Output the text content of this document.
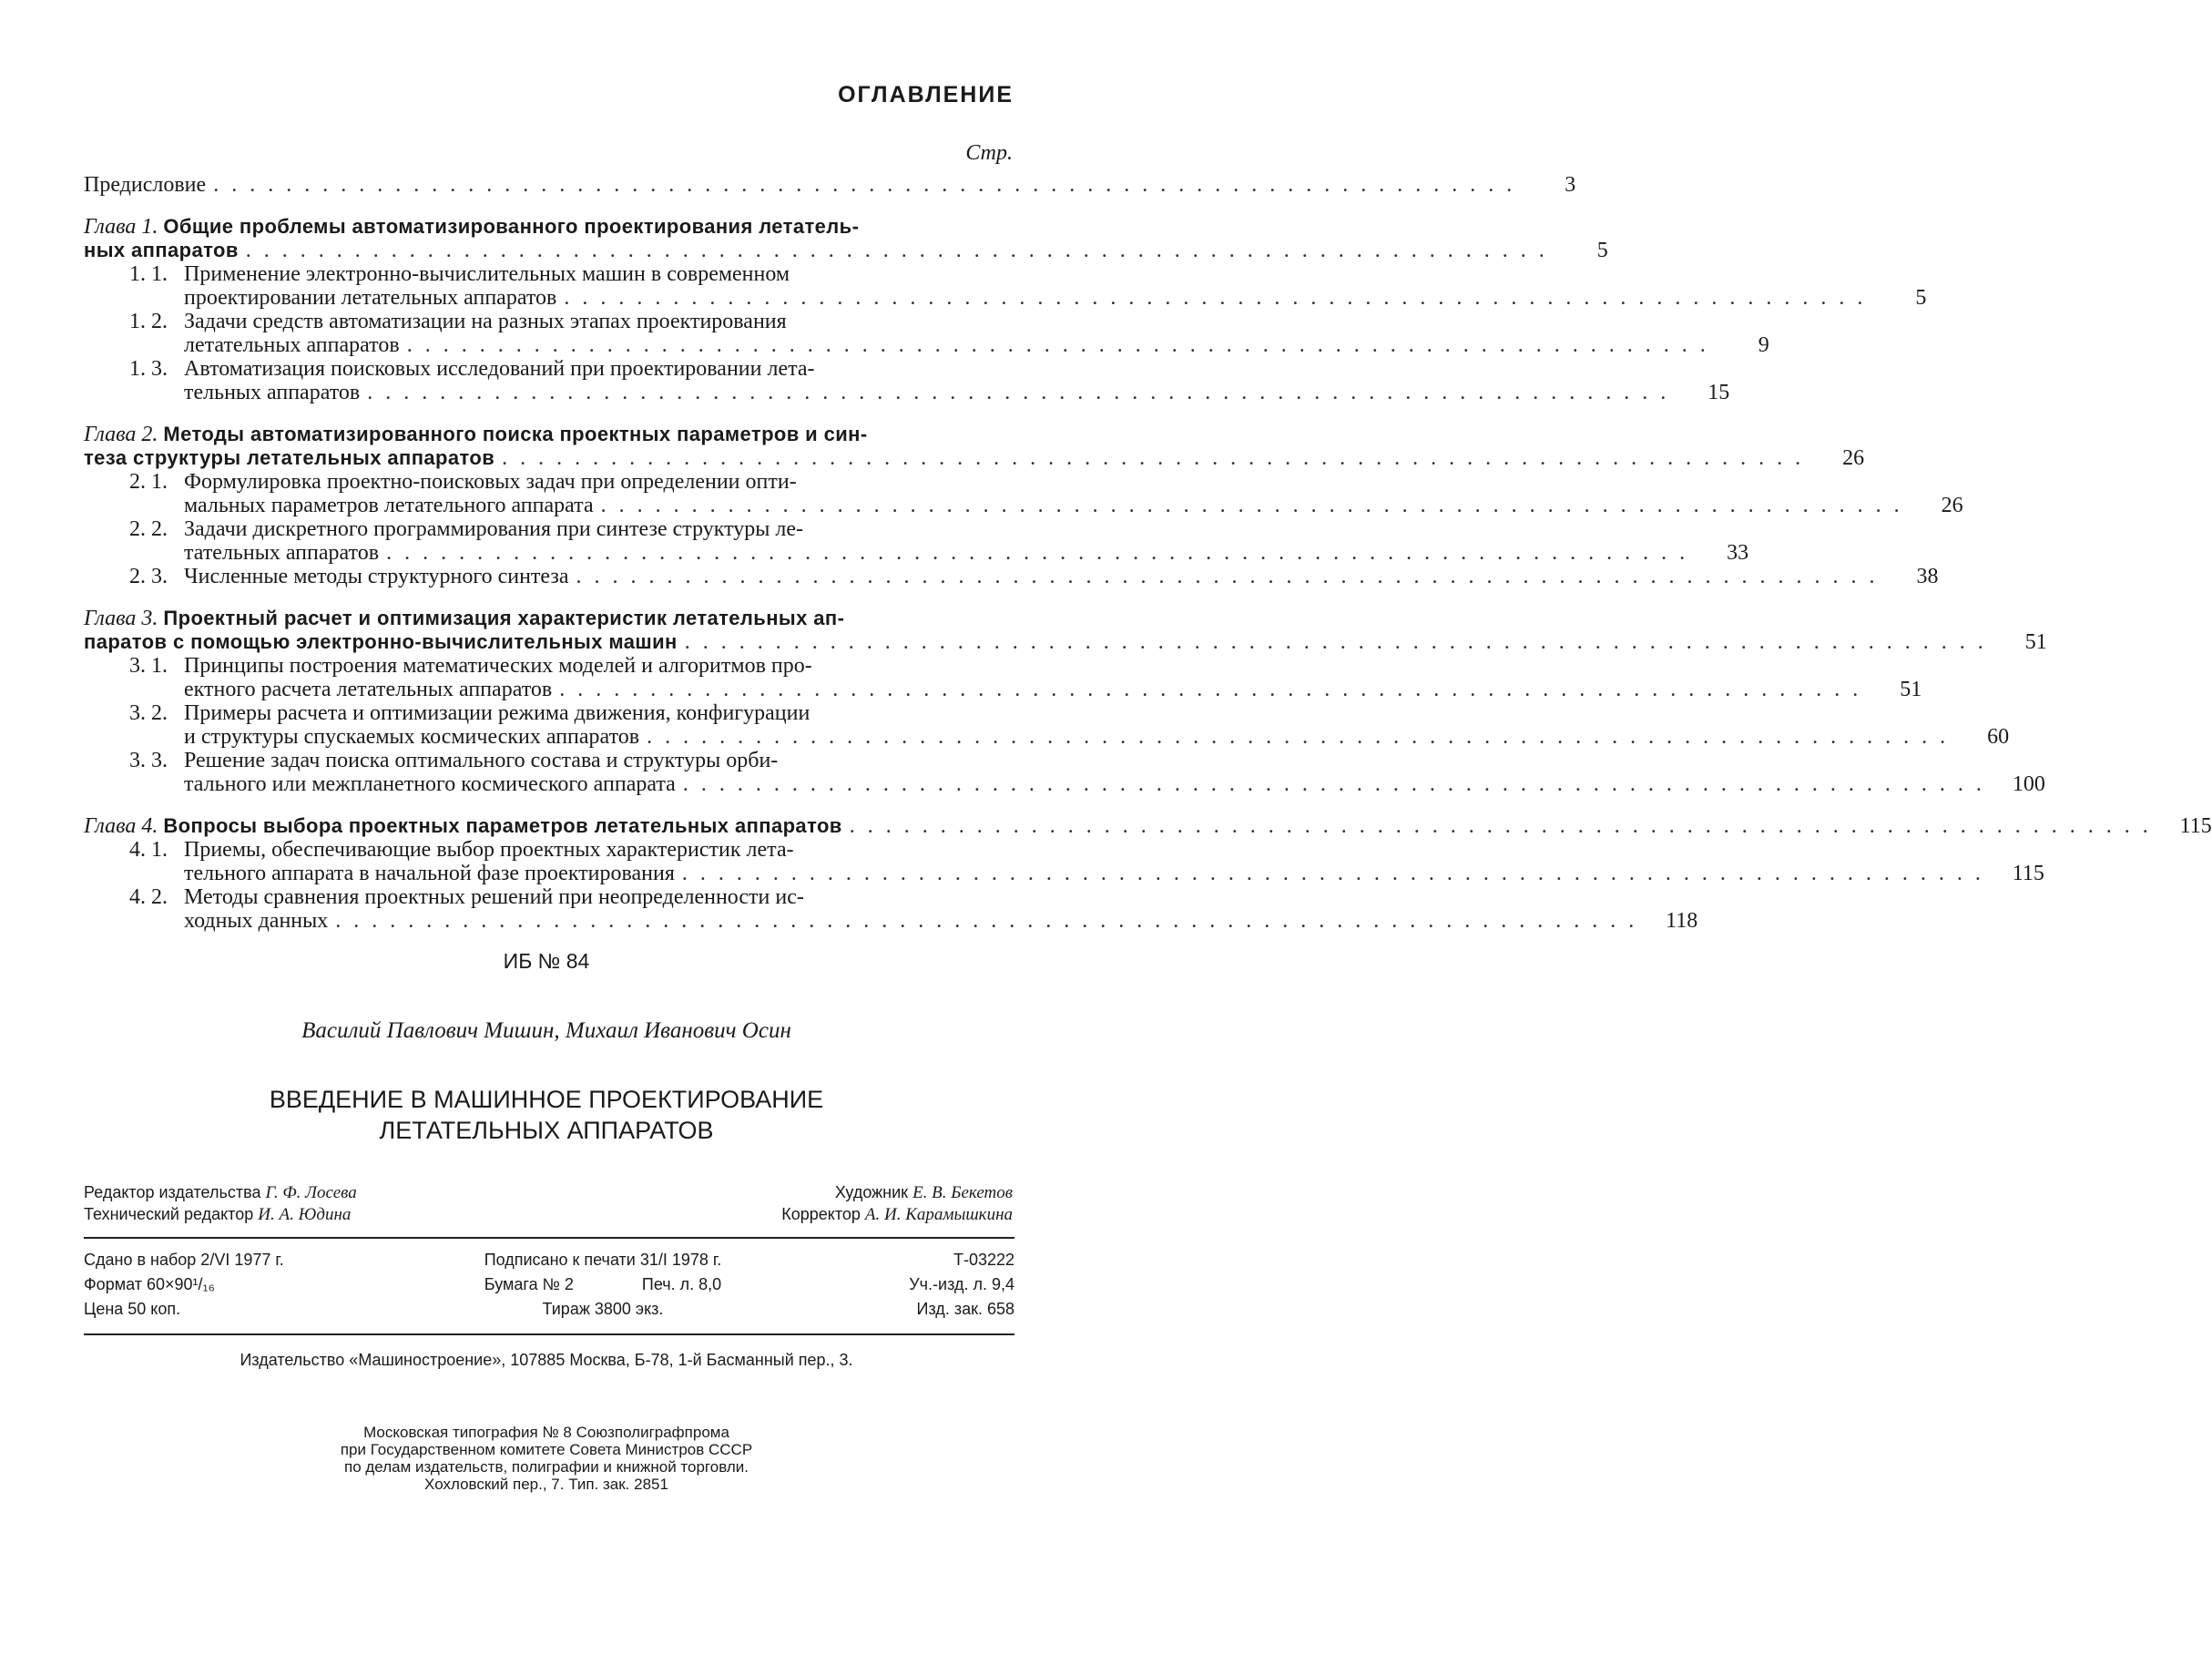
ОГЛАВЛЕНИЕ
Стр.
Предисловие ........................................................................	3
Глава 1. Общие проблемы автоматизированного проектирования летатель-
ных аппаратов ........................................................................	5
1. 1. Применение электронно-вычислительных машин в современном
проектировании летательных аппаратов ........................................................................	5
1. 2. Задачи средств автоматизации на разных этапах проектирования
летательных аппаратов ........................................................................	9
1. 3. Автоматизация поисковых исследований при проектировании лета-
тельных аппаратов ........................................................................	15
Глава 2. Методы автоматизированного поиска проектных параметров и син-
теза структуры летательных аппаратов ........................................................................	26
2. 1. Формулировка проектно-поисковых задач при определении опти-
мальных параметров летательного аппарата ........................................................................	26
2. 2. Задачи дискретного программирования при синтезе структуры ле-
тательных аппаратов ........................................................................	33
2. 3. Численные методы структурного синтеза ........................................................................	38
Глава 3. Проектный расчет и оптимизация характеристик летательных ап-
паратов с помощью электронно-вычислительных машин ........................................................................	51
3. 1. Принципы построения математических моделей и алгоритмов про-
ектного расчета летательных аппаратов ........................................................................	51
3. 2. Примеры расчета и оптимизации режима движения, конфигурации
и структуры спускаемых космических аппаратов ........................................................................	60
3. 3. Решение задач поиска оптимального состава и структуры орби-
тального или межпланетного космического аппарата ........................................................................ 100
Глава 4. Вопросы выбора проектных параметров летательных аппаратов ........................................................................ 115
4. 1. Приемы, обеспечивающие выбор проектных характеристик лета-
тельного аппарата в начальной фазе проектирования ........................................................................ 115
4. 2. Методы сравнения проектных решений при неопределенности ис-
ходных данных ........................................................................ 118
ИБ № 84
Василий Павлович Мишин, Михаил Иванович Осин
ВВЕДЕНИЕ В МАШИННОЕ ПРОЕКТИРОВАНИЕ
ЛЕТАТЕЛЬНЫХ АППАРАТОВ
Редактор издательства Г. Ф. Лосева	Художник Е. В. Бекетов
Технический редактор И. А. Юдина	Корректор А. И. Карамышкина
Сдано в набор 2/VI 1977 г.	Подписано к печати 31/I 1978 г.	Т-03222
Формат 60×90¹/₁₆	Бумага № 2	Печ. л. 8,0	Уч.-изд. л. 9,4
Цена 50 коп.	Тираж 3800 экз.	Изд. зак. 658
Издательство «Машиностроение», 107885 Москва, Б-78, 1-й Басманный пер., 3.
Московская типография № 8 Союзполиграфпрома
при Государственном комитете Совета Министров СССР
по делам издательств, полиграфии и книжной торговли.
Хохловский пер., 7. Тип. зак. 2851
